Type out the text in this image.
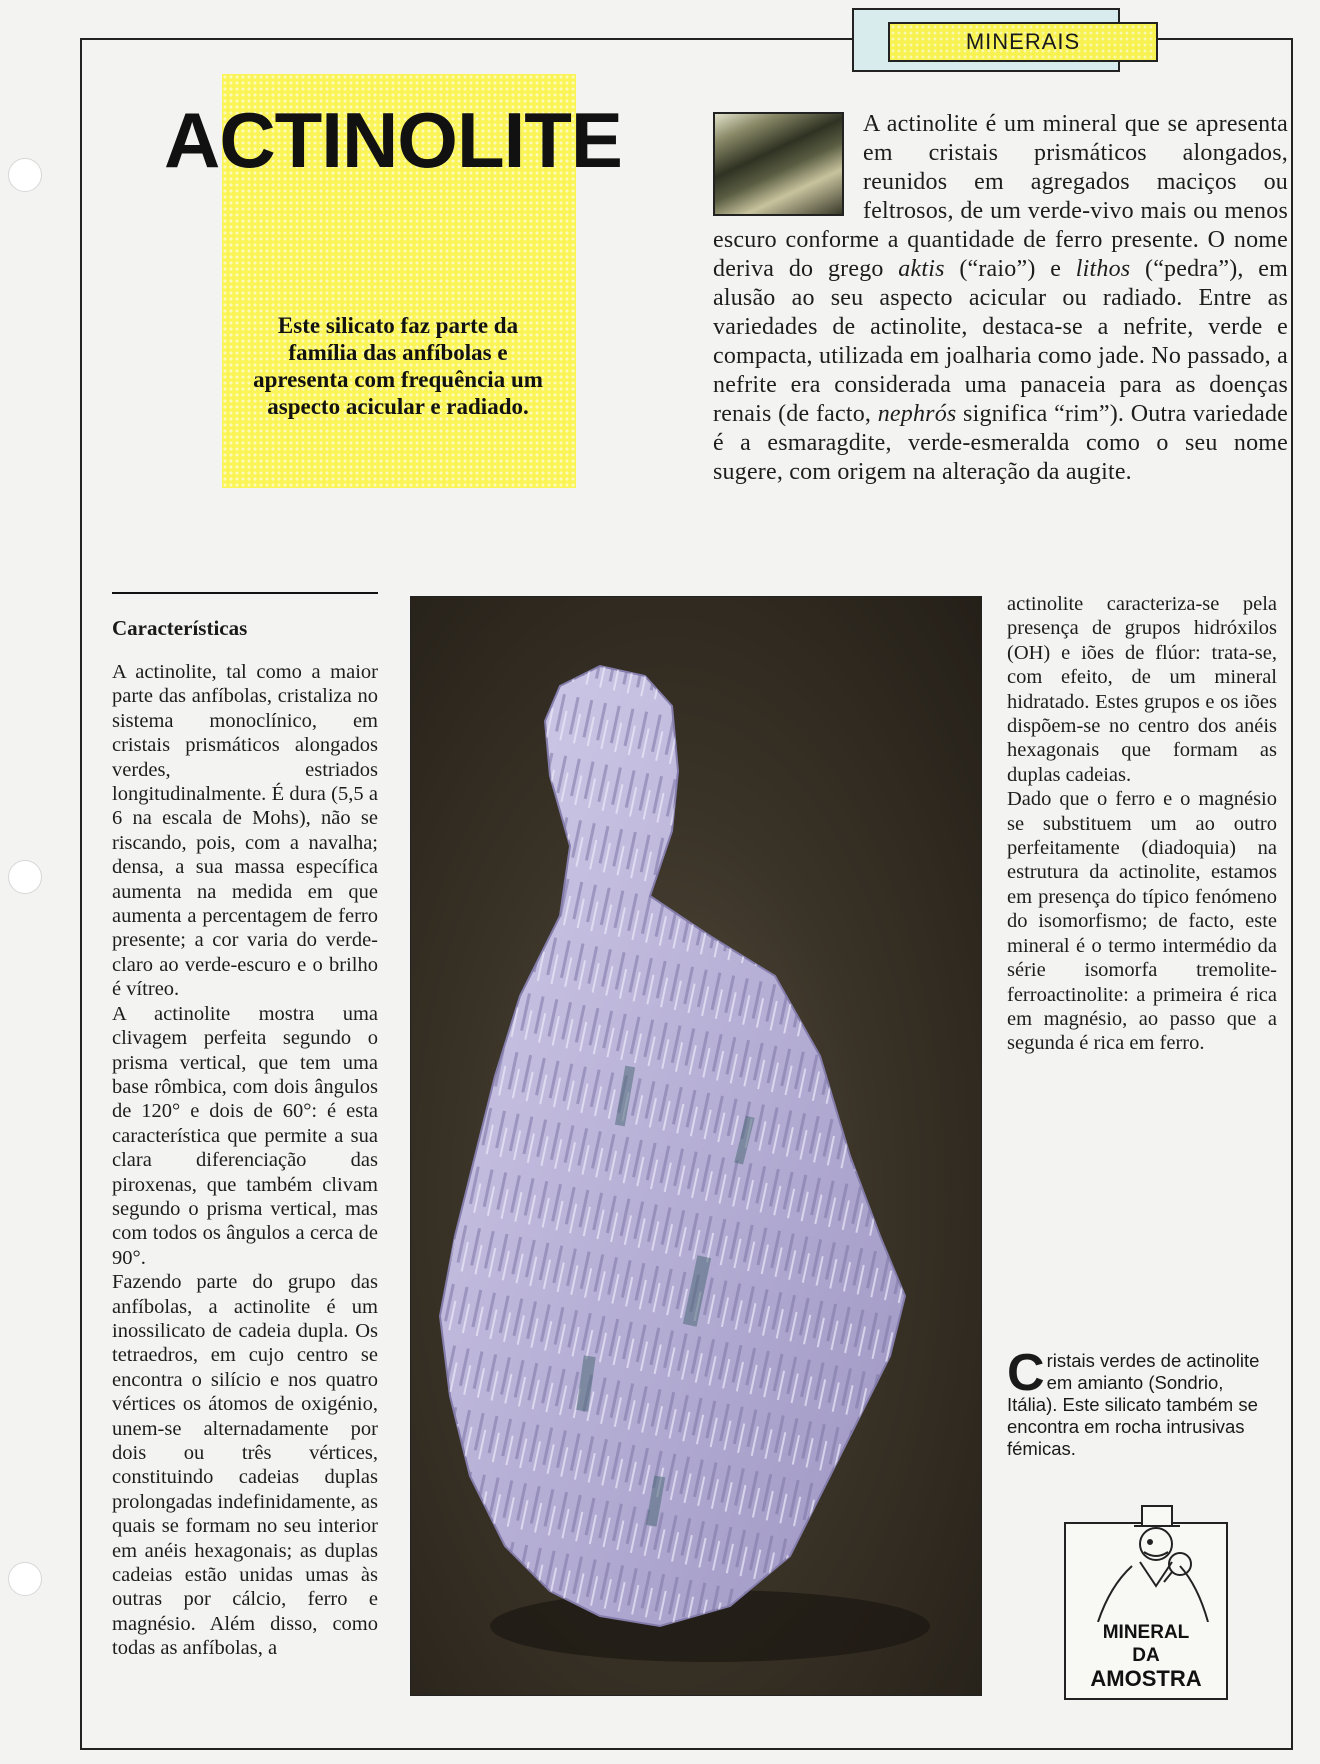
MINERAIS
ACTINOLITE

Este silicato faz parte da família das anfíbolas e apresenta com frequência um aspecto acicular e radiado.

A actinolite é um mineral que se apresenta em cristais prismáticos alongados, reunidos em agregados maciços ou feltrosos, de um verde-vivo mais ou menos escuro conforme a quantidade de ferro presente. O nome deriva do grego aktis (“raio”) e lithos (“pedra”), em alusão ao seu aspecto acicular ou radiado. Entre as variedades de actinolite, destaca-se a nefrite, verde e compacta, utilizada em joalharia como jade. No passado, a nefrite era considerada uma panaceia para as doenças renais (de facto, nephrós significa “rim”). Outra variedade é a esmaragdite, verde-esmeralda como o seu nome sugere, com origem na alteração da augite.

Características

A actinolite, tal como a maior parte das anfíbolas, cristaliza no sistema monoclínico, em cristais prismáticos alongados verdes, estriados longitudinalmente. É dura (5,5 a 6 na escala de Mohs), não se riscando, pois, com a navalha; densa, a sua massa específica aumenta na medida em que aumenta a percentagem de ferro presente; a cor varia do verde-claro ao verde-escuro e o brilho é vítreo.

A actinolite mostra uma clivagem perfeita segundo o prisma vertical, que tem uma base rômbica, com dois ângulos de 120° e dois de 60°: é esta característica que permite a sua clara diferenciação das piroxenas, que também clivam segundo o prisma vertical, mas com todos os ângulos a cerca de 90°.

Fazendo parte do grupo das anfíbolas, a actinolite é um inossilicato de cadeia dupla. Os tetraedros, em cujo centro se encontra o silício e nos quatro vértices os átomos de oxigénio, unem-se alternadamente por dois ou três vértices, constituindo cadeias duplas prolongadas indefinidamente, as quais se formam no seu interior em anéis hexagonais; as duplas cadeias estão unidas umas às outras por cálcio, ferro e magnésio. Além disso, como todas as anfíbolas, a

actinolite caracteriza-se pela presença de grupos hidróxilos (OH) e iões de flúor: trata-se, com efeito, de um mineral hidratado. Estes grupos e os iões dispõem-se no centro dos anéis hexagonais que formam as duplas cadeias.

Dado que o ferro e o magnésio se substituem um ao outro perfeitamente (diadoquia) na estrutura da actinolite, estamos em presença do típico fenómeno do isomorfismo; de facto, este mineral é o termo intermédio da série isomorfa tremolite-ferroactinolite: a primeira é rica em magnésio, ao passo que a segunda é rica em ferro.

Cristais verdes de actinolite em amianto (Sondrio, Itália). Este silicato também se encontra em rocha intrusivas fémicas.

MINERAL
DA
AMOSTRA
